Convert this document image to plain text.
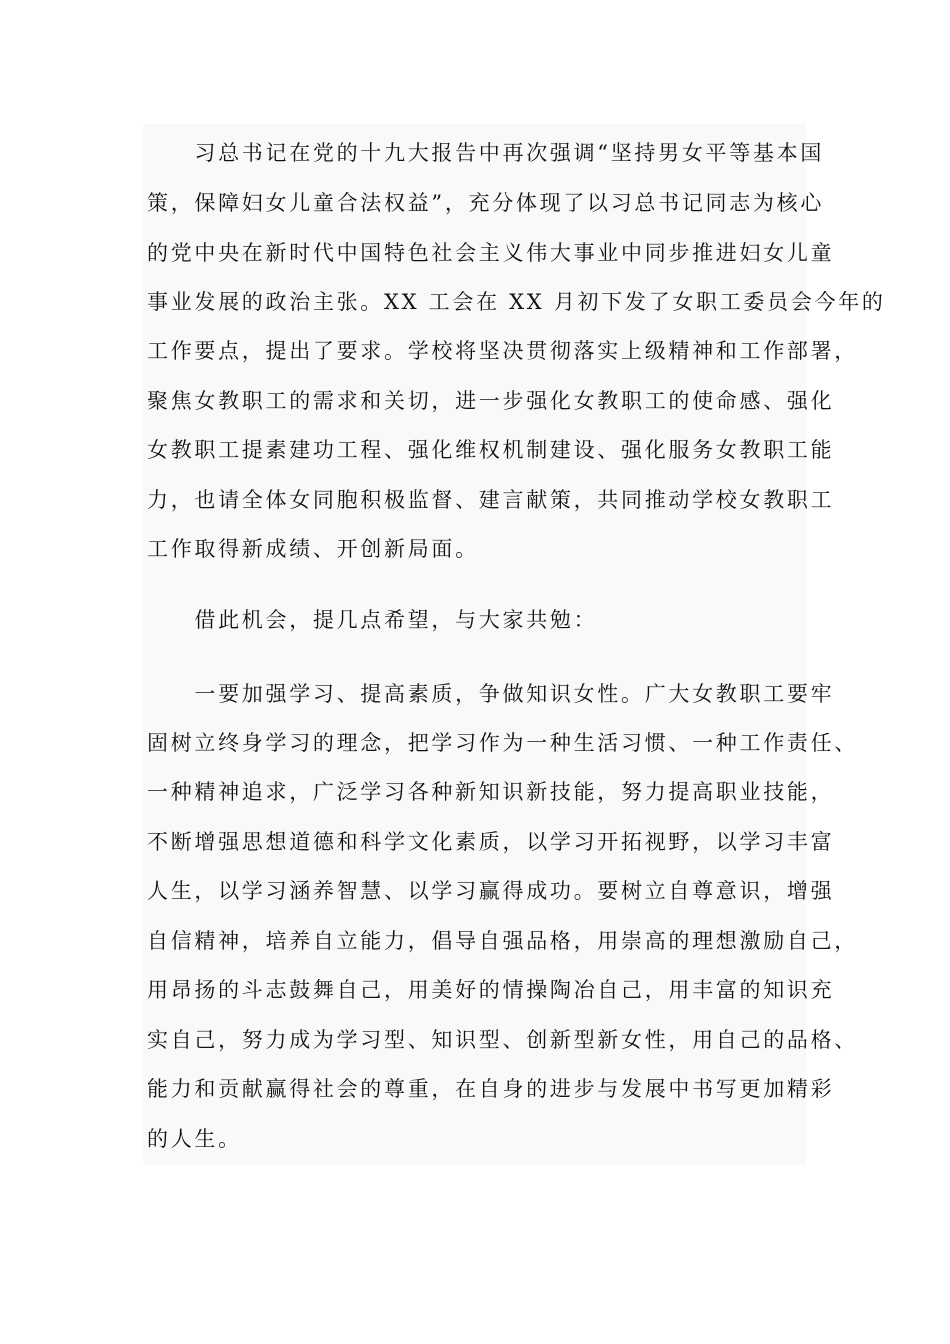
　　习总书记在党的十九大报告中再次强调“坚持男女平等基本国
策，保障妇女儿童合法权益”，充分体现了以习总书记同志为核心
的党中央在新时代中国特色社会主义伟大事业中同步推进妇女儿童
事业发展的政治主张。XX 工会在 XX 月初下发了女职工委员会今年的
工作要点，提出了要求。学校将坚决贯彻落实上级精神和工作部署，
聚焦女教职工的需求和关切，进一步强化女教职工的使命感、强化
女教职工提素建功工程、强化维权机制建设、强化服务女教职工能
力，也请全体女同胞积极监督、建言献策，共同推动学校女教职工
工作取得新成绩、开创新局面。
　　借此机会，提几点希望，与大家共勉：
　　一要加强学习、提高素质，争做知识女性。广大女教职工要牢
固树立终身学习的理念，把学习作为一种生活习惯、一种工作责任、
一种精神追求，广泛学习各种新知识新技能，努力提高职业技能，
不断增强思想道德和科学文化素质，以学习开拓视野，以学习丰富
人生，以学习涵养智慧、以学习赢得成功。要树立自尊意识，增强
自信精神，培养自立能力，倡导自强品格，用崇高的理想激励自己，
用昂扬的斗志鼓舞自己，用美好的情操陶冶自己，用丰富的知识充
实自己，努力成为学习型、知识型、创新型新女性，用自己的品格、
能力和贡献赢得社会的尊重，在自身的进步与发展中书写更加精彩
的人生。
